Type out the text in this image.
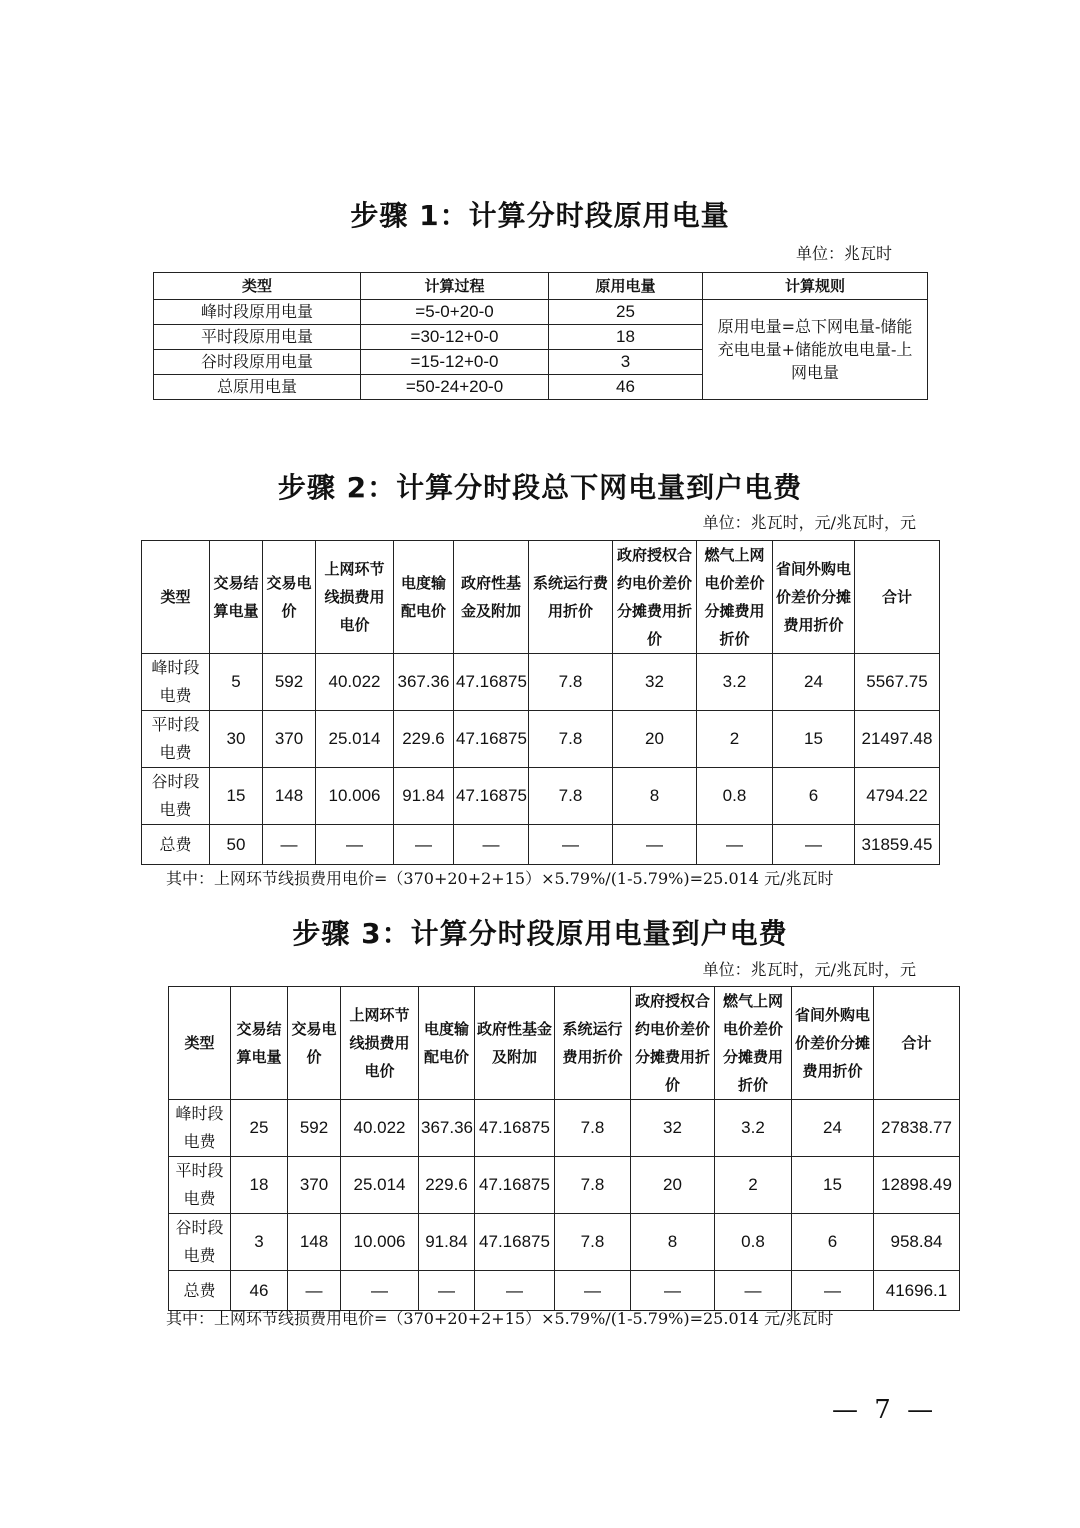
步骤 1：计算分时段原用电量
单位：兆瓦时
类型	计算过程	原用电量	计算规则
峰时段原用电量	=5-0+20-0	25	原用电量=总下网电量-储能充电电量+储能放电电量-上网电量
平时段原用电量	=30-12+0-0	18	
谷时段原用电量	=15-12+0-0	3	
总原用电量	=50-24+20-0	46	
步骤 2：计算分时段总下网电量到户电费
单位：兆瓦时，元/兆瓦时，元
类型	交易结算电量	交易电价	上网环节线损费用电价	电度输配电价	政府性基金及附加	系统运行费用折价	政府授权合约电价差价分摊费用折价	燃气上网电价差价分摊费用折价	省间外购电价差价分摊费用折价	合计
峰时段电费	5	592	40.022	367.36	47.16875	7.8	32	3.2	24	5567.75
平时段电费	30	370	25.014	229.6	47.16875	7.8	20	2	15	21497.48
谷时段电费	15	148	10.006	91.84	47.16875	7.8	8	0.8	6	4794.22
总费	50	—	—	—	—	—	—	—	—	31859.45
其中：上网环节线损费用电价=（370+20+2+15）×5.79%/(1-5.79%)=25.014 元/兆瓦时
步骤 3：计算分时段原用电量到户电费
单位：兆瓦时，元/兆瓦时，元
类型	交易结算电量	交易电价	上网环节线损费用电价	电度输配电价	政府性基金及附加	系统运行费用折价	政府授权合约电价差价分摊费用折价	燃气上网电价差价分摊费用折价	省间外购电价差价分摊费用折价	合计
峰时段电费	25	592	40.022	367.36	47.16875	7.8	32	3.2	24	27838.77
平时段电费	18	370	25.014	229.6	47.16875	7.8	20	2	15	12898.49
谷时段电费	3	148	10.006	91.84	47.16875	7.8	8	0.8	6	958.84
总费	46	—	—	—	—	—	—	—	—	41696.1
其中：上网环节线损费用电价=（370+20+2+15）×5.79%/(1-5.79%)=25.014 元/兆瓦时
— 7 —
